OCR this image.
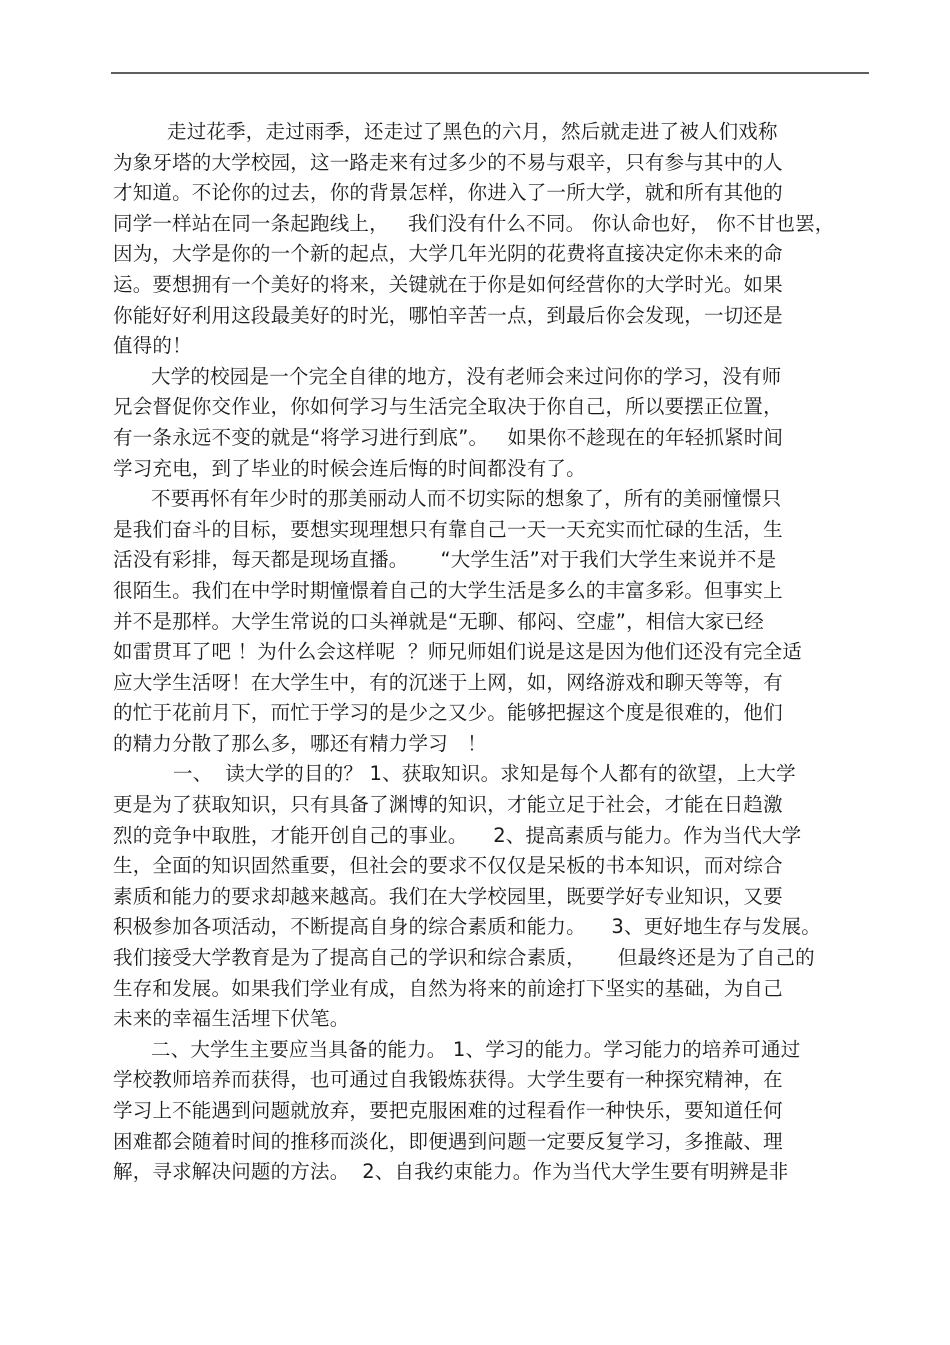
走过花季，走过雨季，还走过了黑色的六月，然后就走进了被人们戏称
为象牙塔的大学校园，这一路走来有过多少的不易与艰辛，只有参与其中的人
才知道。不论你的过去，你的背景怎样，你进入了一所大学，就和所有其他的
同学一样站在同一条起跑线上，   我们没有什么不同。 你认命也好， 你不甘也罢，
因为，大学是你的一个新的起点，大学几年光阴的花费将直接决定你未来的命
运。要想拥有一个美好的将来，关键就在于你是如何经营你的大学时光。如果
你能好好利用这段最美好的时光，哪怕辛苦一点，到最后你会发现，一切还是
值得的！
大学的校园是一个完全自律的地方，没有老师会来过问你的学习，没有师
兄会督促你交作业，你如何学习与生活完全取决于你自己，所以要摆正位置，
有一条永远不变的就是“将学习进行到底”。   如果你不趁现在的年轻抓紧时间
学习充电，到了毕业的时候会连后悔的时间都没有了。
不要再怀有年少时的那美丽动人而不切实际的想象了，所有的美丽憧憬只
是我们奋斗的目标，要想实现理想只有靠自己一天一天充实而忙碌的生活，生
活没有彩排，每天都是现场直播。     “大学生活”对于我们大学生来说并不是
很陌生。我们在中学时期憧憬着自己的大学生活是多么的丰富多彩。但事实上
并不是那样。大学生常说的口头禅就是“无聊、郁闷、空虚”，相信大家已经
如雷贯耳了吧 ！为什么会这样呢  ？师兄师姐们说是这是因为他们还没有完全适
应大学生活呀！在大学生中，有的沉迷于上网，如，网络游戏和聊天等等，有
的忙于花前月下，而忙于学习的是少之又少。能够把握这个度是很难的，他们
的精力分散了那么多，哪还有精力学习   ！
一、  读大学的目的？ 1、获取知识。求知是每个人都有的欲望，上大学
更是为了获取知识，只有具备了渊博的知识，才能立足于社会，才能在日趋激
烈的竞争中取胜，才能开创自己的事业。    2、提高素质与能力。作为当代大学
生，全面的知识固然重要，但社会的要求不仅仅是呆板的书本知识，而对综合
素质和能力的要求却越来越高。我们在大学校园里，既要学好专业知识，又要
积极参加各项活动，不断提高自身的综合素质和能力。    3、更好地生存与发展。
我们接受大学教育是为了提高自己的学识和综合素质，     但最终还是为了自己的
生存和发展。如果我们学业有成，自然为将来的前途打下坚实的基础，为自己
未来的幸福生活埋下伏笔。
二、大学生主要应当具备的能力。 1、学习的能力。学习能力的培养可通过
学校教师培养而获得，也可通过自我锻炼获得。大学生要有一种探究精神，在
学习上不能遇到问题就放弃，要把克服困难的过程看作一种快乐，要知道任何
困难都会随着时间的推移而淡化，即便遇到问题一定要反复学习，多推敲、理
解，寻求解决问题的方法。  2、自我约束能力。作为当代大学生要有明辨是非
